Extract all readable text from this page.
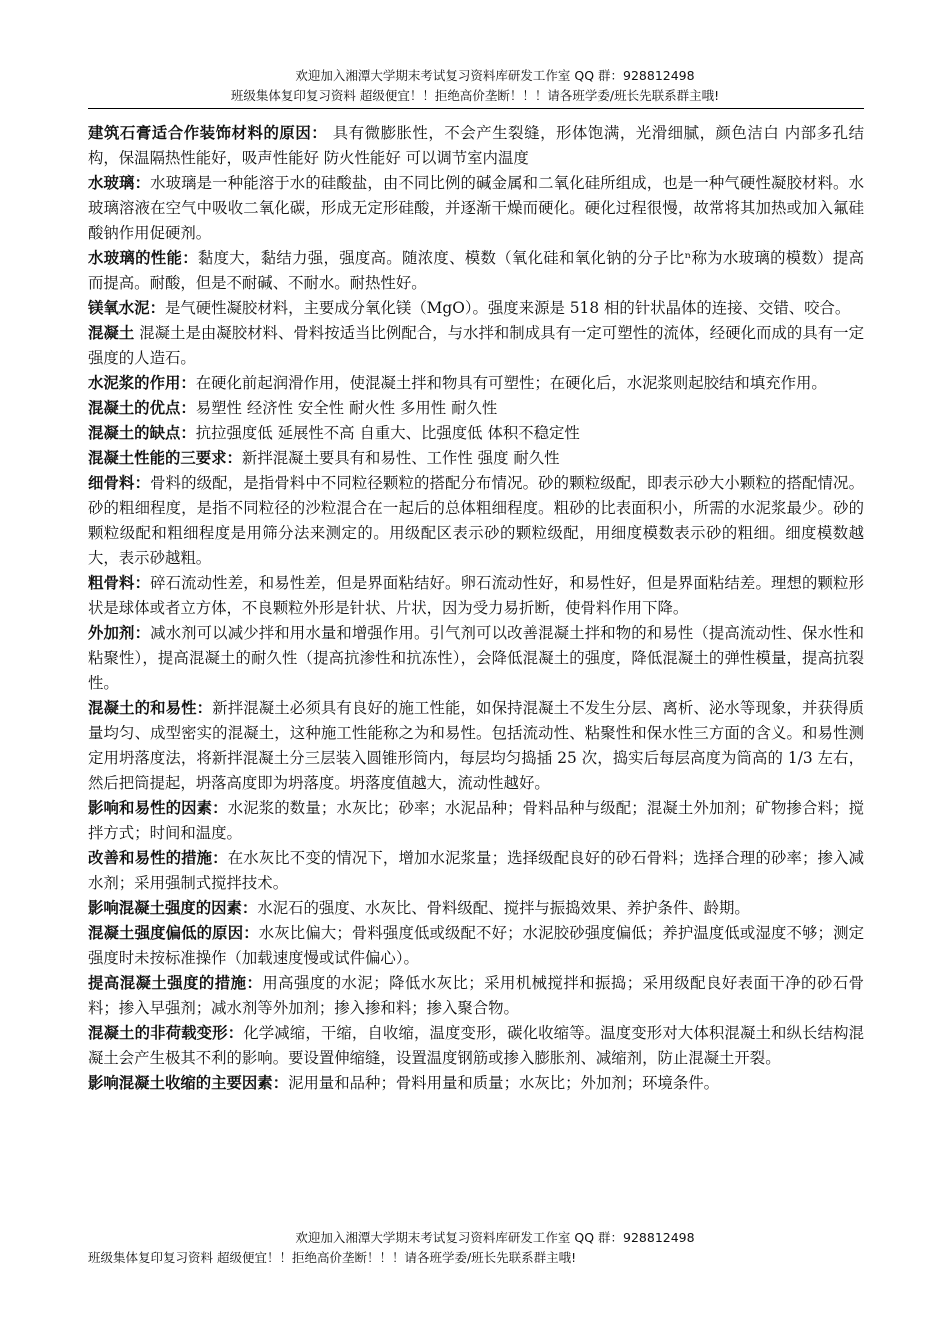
欢迎加入湘潭大学期末考试复习资料库研发工作室 QQ 群：928812498
班级集体复印复习资料 超级便宜！！拒绝高价垄断！！！请各班学委/班长先联系群主哦!

建筑石膏适合作装饰材料的原因： 具有微膨胀性，不会产生裂缝，形体饱满，光滑细腻，颜色洁白 内部多孔结构，保温隔热性能好，吸声性能好 防火性能好 可以调节室内温度

水玻璃：水玻璃是一种能溶于水的硅酸盐，由不同比例的碱金属和二氧化硅所组成，也是一种气硬性凝胶材料。水玻璃溶液在空气中吸收二氧化碳，形成无定形硅酸，并逐渐干燥而硬化。硬化过程很慢，故常将其加热或加入氟硅酸钠作用促硬剂。

水玻璃的性能：黏度大，黏结力强，强度高。随浓度、模数（氧化硅和氧化钠的分子比ⁿ称为水玻璃的模数）提高而提高。耐酸，但是不耐碱、不耐水。耐热性好。

镁氧水泥：是气硬性凝胶材料，主要成分氧化镁（MgO）。强度来源是 518 相的针状晶体的连接、交错、咬合。

混凝土 混凝土是由凝胶材料、骨料按适当比例配合，与水拌和制成具有一定可塑性的流体，经硬化而成的具有一定强度的人造石。

水泥浆的作用：在硬化前起润滑作用，使混凝土拌和物具有可塑性；在硬化后，水泥浆则起胶结和填充作用。

混凝土的优点：易塑性 经济性 安全性 耐火性 多用性 耐久性

混凝土的缺点：抗拉强度低 延展性不高 自重大、比强度低 体积不稳定性

混凝土性能的三要求：新拌混凝土要具有和易性、工作性 强度 耐久性

细骨料：骨料的级配，是指骨料中不同粒径颗粒的搭配分布情况。砂的颗粒级配，即表示砂大小颗粒的搭配情况。砂的粗细程度，是指不同粒径的沙粒混合在一起后的总体粗细程度。粗砂的比表面积小，所需的水泥浆最少。砂的颗粒级配和粗细程度是用筛分法来测定的。用级配区表示砂的颗粒级配，用细度模数表示砂的粗细。细度模数越大，表示砂越粗。

粗骨料：碎石流动性差，和易性差，但是界面粘结好。卵石流动性好，和易性好，但是界面粘结差。理想的颗粒形状是球体或者立方体，不良颗粒外形是针状、片状，因为受力易折断，使骨料作用下降。

外加剂：减水剂可以减少拌和用水量和增强作用。引气剂可以改善混凝土拌和物的和易性（提高流动性、保水性和粘聚性），提高混凝土的耐久性（提高抗渗性和抗冻性），会降低混凝土的强度，降低混凝土的弹性模量，提高抗裂性。

混凝土的和易性：新拌混凝土必须具有良好的施工性能，如保持混凝土不发生分层、离析、泌水等现象，并获得质量均匀、成型密实的混凝土，这种施工性能称之为和易性。包括流动性、粘聚性和保水性三方面的含义。和易性测定用坍落度法，将新拌混凝土分三层装入圆锥形筒内，每层均匀捣插 25 次，捣实后每层高度为筒高的 1/3 左右，然后把筒提起，坍落高度即为坍落度。坍落度值越大，流动性越好。

影响和易性的因素：水泥浆的数量；水灰比；砂率；水泥品种；骨料品种与级配；混凝土外加剂；矿物掺合料；搅拌方式；时间和温度。

改善和易性的措施：在水灰比不变的情况下，增加水泥浆量；选择级配良好的砂石骨料；选择合理的砂率；掺入减水剂；采用强制式搅拌技术。

影响混凝土强度的因素：水泥石的强度、水灰比、骨料级配、搅拌与振捣效果、养护条件、龄期。

混凝土强度偏低的原因：水灰比偏大；骨料强度低或级配不好；水泥胶砂强度偏低；养护温度低或湿度不够；测定强度时未按标准操作（加载速度慢或试件偏心）。

提高混凝土强度的措施：用高强度的水泥；降低水灰比；采用机械搅拌和振捣；采用级配良好表面干净的砂石骨料；掺入早强剂；减水剂等外加剂；掺入掺和料；掺入聚合物。

混凝土的非荷载变形：化学减缩，干缩，自收缩，温度变形，碳化收缩等。温度变形对大体积混凝土和纵长结构混凝土会产生极其不利的影响。要设置伸缩缝，设置温度钢筋或掺入膨胀剂、减缩剂，防止混凝土开裂。

影响混凝土收缩的主要因素：泥用量和品种；骨料用量和质量；水灰比；外加剂；环境条件。

欢迎加入湘潭大学期末考试复习资料库研发工作室 QQ 群：928812498
班级集体复印复习资料 超级便宜！！拒绝高价垄断！！！请各班学委/班长先联系群主哦!
